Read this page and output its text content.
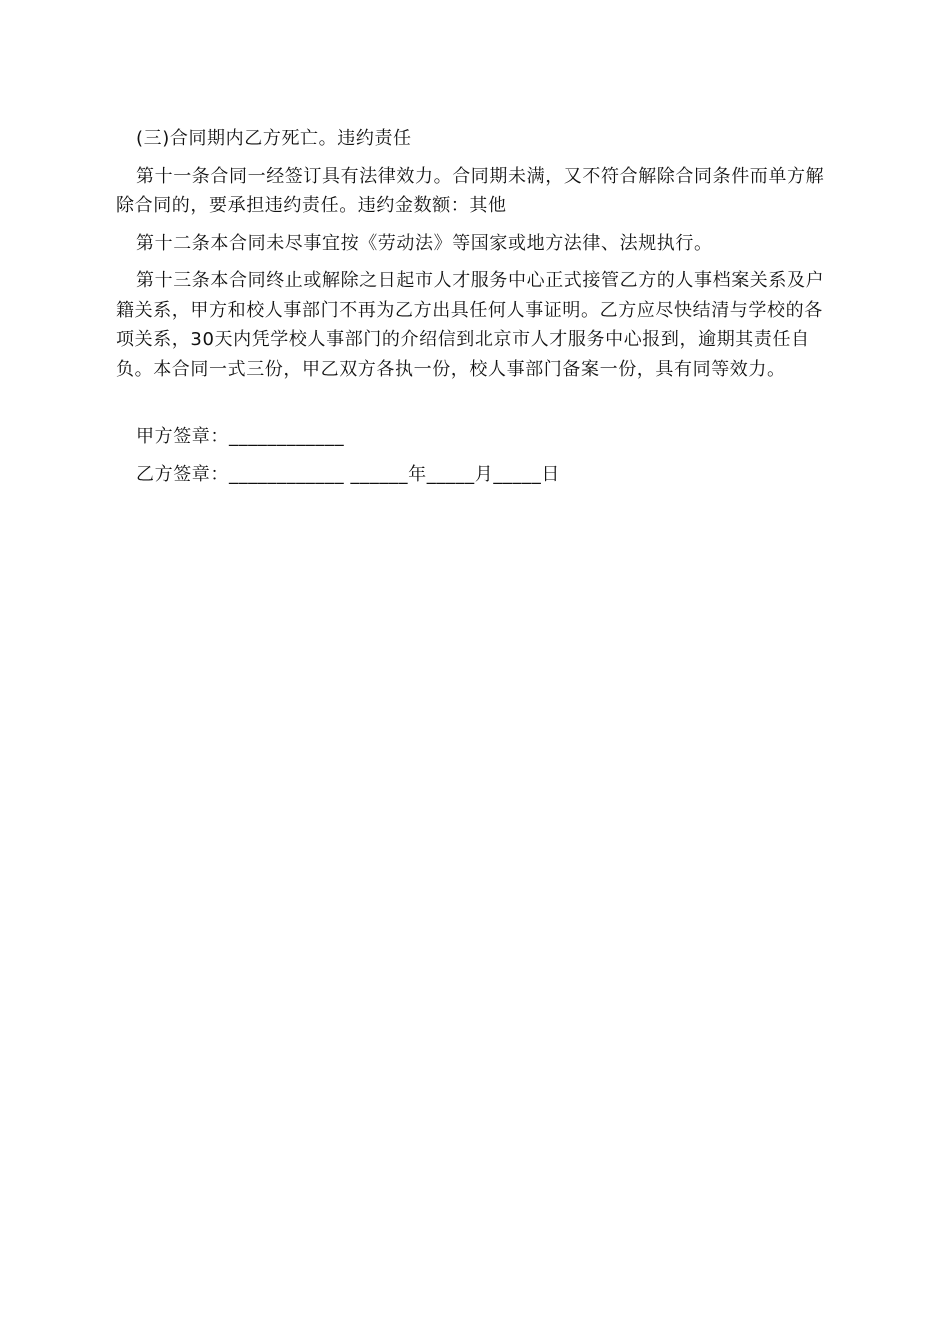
(三)合同期内乙方死亡。违约责任

第十一条合同一经签订具有法律效力。合同期未满，又不符合解除合同条件而单方解除合同的，要承担违约责任。违约金数额：其他

第十二条本合同未尽事宜按《劳动法》等国家或地方法律、法规执行。

第十三条本合同终止或解除之日起市人才服务中心正式接管乙方的人事档案关系及户籍关系，甲方和校人事部门不再为乙方出具任何人事证明。乙方应尽快结清与学校的各项关系，30天内凭学校人事部门的介绍信到北京市人才服务中心报到，逾期其责任自负。本合同一式三份，甲乙双方各执一份，校人事部门备案一份，具有同等效力。

甲方签章：____________

乙方签章：____________ ______年_____月_____日
